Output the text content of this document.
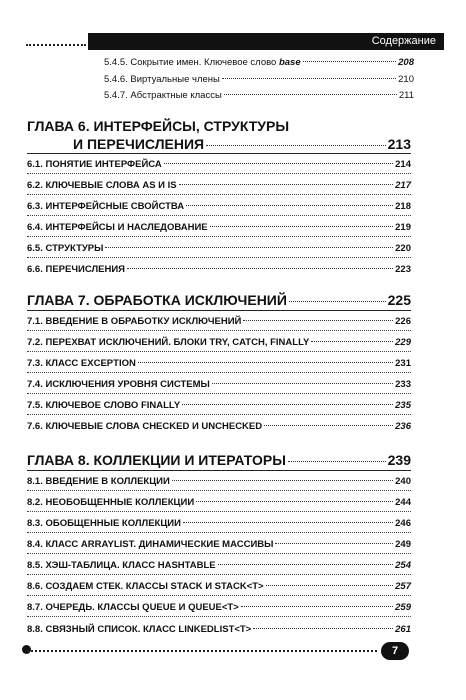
Содержание
5.4.5. Сокрытие имен. Ключевое слово base	208
5.4.6. Виртуальные члены	210
5.4.7. Абстрактные классы	211
ГЛАВА 6. ИНТЕРФЕЙСЫ, СТРУКТУРЫ
И ПЕРЕЧИСЛЕНИЯ	213
6.1. ПОНЯТИЕ ИНТЕРФЕЙСА	214
6.2. КЛЮЧЕВЫЕ СЛОВА AS И IS	217
6.3. ИНТЕРФЕЙСНЫЕ СВОЙСТВА	218
6.4. ИНТЕРФЕЙСЫ И НАСЛЕДОВАНИЕ	219
6.5. СТРУКТУРЫ	220
6.6. ПЕРЕЧИСЛЕНИЯ	223
ГЛАВА 7. ОБРАБОТКА ИСКЛЮЧЕНИЙ	225
7.1. ВВЕДЕНИЕ В ОБРАБОТКУ ИСКЛЮЧЕНИЙ	226
7.2. ПЕРЕХВАТ ИСКЛЮЧЕНИЙ. БЛОКИ TRY, CATCH, FINALLY	229
7.3. КЛАСС EXCEPTION	231
7.4. ИСКЛЮЧЕНИЯ УРОВНЯ СИСТЕМЫ	233
7.5. КЛЮЧЕВОЕ СЛОВО FINALLY	235
7.6. КЛЮЧЕВЫЕ СЛОВА CHECKED И UNCHECKED	236
ГЛАВА 8. КОЛЛЕКЦИИ И ИТЕРАТОРЫ	239
8.1. ВВЕДЕНИЕ В КОЛЛЕКЦИИ	240
8.2. НЕОБОБЩЕННЫЕ КОЛЛЕКЦИИ	244
8.3. ОБОБЩЕННЫЕ КОЛЛЕКЦИИ	246
8.4. КЛАСС ARRAYLIST. ДИНАМИЧЕСКИЕ МАССИВЫ	249
8.5. ХЭШ-ТАБЛИЦА. КЛАСС HASHTABLE	254
8.6. СОЗДАЕМ СТЕК. КЛАССЫ STACK И STACK<T>	257
8.7. ОЧЕРЕДЬ. КЛАССЫ QUEUE И QUEUE<T>	259
8.8. СВЯЗНЫЙ СПИСОК. КЛАСС LINKEDLIST<T>	261
7
